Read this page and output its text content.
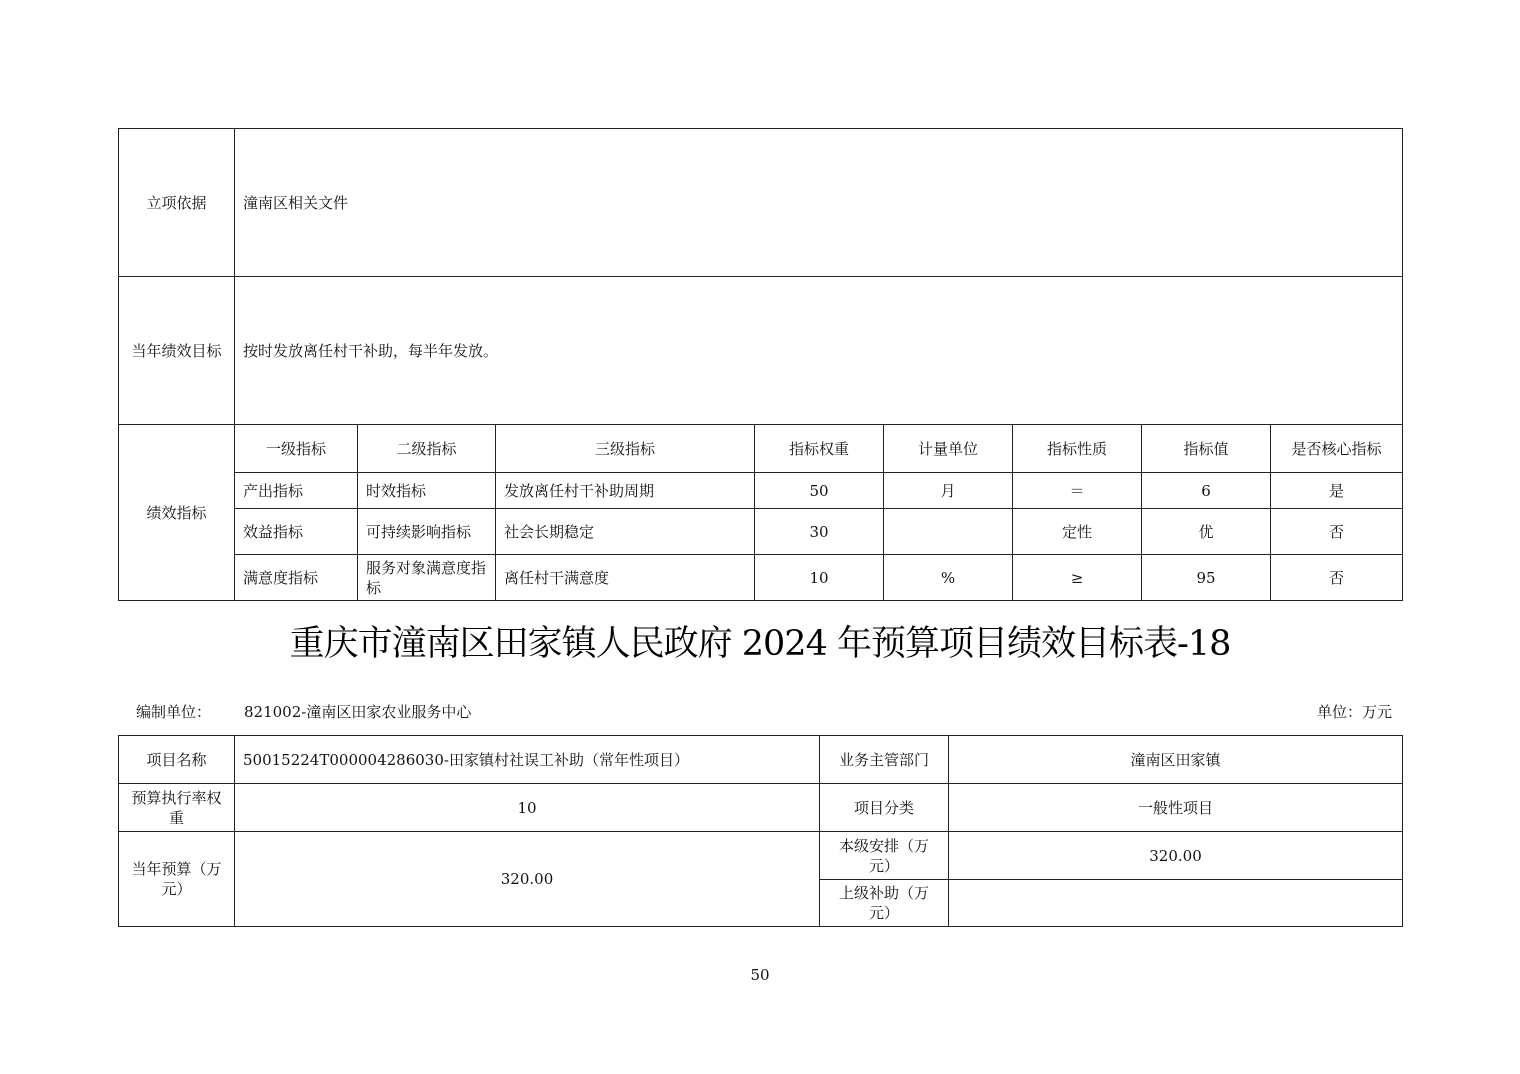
立项依据	潼南区相关文件							
当年绩效目标	按时发放离任村干补助，每半年发放。							
绩效指标	一级指标	二级指标	三级指标	指标权重	计量单位	指标性质	指标值	是否核心指标
	产出指标	时效指标	发放离任村干补助周期	50	月	＝	6	是
	效益指标	可持续影响指标	社会长期稳定	30		定性	优	否
	满意度指标	服务对象满意度指标	离任村干满意度	10	%	≥	95	否
重庆市潼南区田家镇人民政府 2024 年预算项目绩效目标表-18
编制单位： 821002-潼南区田家农业服务中心	单位：万元
项目名称	50015224T000004286030-田家镇村社误工补助（常年性项目）	业务主管部门	潼南区田家镇
预算执行率权重	10	项目分类	一般性项目
当年预算（万元）	320.00	本级安排（万元）	320.00
		上级补助（万元）	
50
